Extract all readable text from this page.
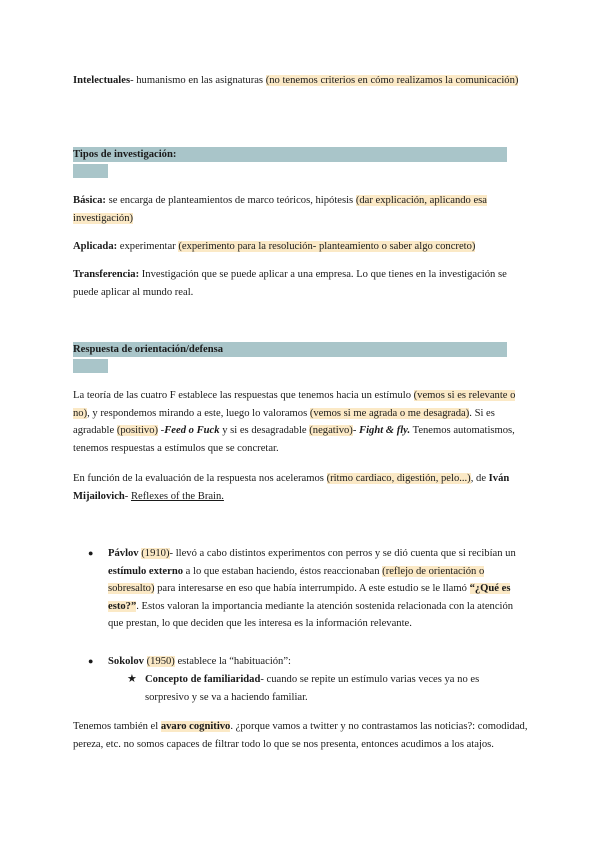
Intelectuales- humanismo en las asignaturas (no tenemos criterios en cómo realizamos la comunicación)
Tipos de investigación:
Básica: se encarga de planteamientos de marco teóricos, hipótesis (dar explicación, aplicando esa investigación)
Aplicada: experimentar (experimento para la resolución- planteamiento o saber algo concreto)
Transferencia: Investigación que se puede aplicar a una empresa. Lo que tienes en la investigación se puede aplicar al mundo real.
Respuesta de orientación/defensa
La teoría de las cuatro F establece las respuestas que tenemos hacia un estímulo (vemos si es relevante o no), y respondemos mirando a este, luego lo valoramos (vemos si me agrada o me desagrada). Si es agradable (positivo) -Feed o Fuck y si es desagradable (negativo)- Fight & fly. Tenemos automatismos, tenemos respuestas a estímulos que se concretar.
En función de la evaluación de la respuesta nos aceleramos (ritmo cardiaco, digestión, pelo...), de Iván Mijailovich- Reflexes of the Brain.
● Pávlov (1910)- llevó a cabo distintos experimentos con perros y se dió cuenta que si recibían un estímulo externo a lo que estaban haciendo, éstos reaccionaban (reflejo de orientación o sobresalto) para interesarse en eso que había interrumpido. A este estudio se le llamó “¿Qué es esto?”. Estos valoran la importancia mediante la atención sostenida relacionada con la atención que prestan, lo que deciden que les interesa es la información relevante.
● Sokolov (1950) establece la “habituación”:
★ Concepto de familiaridad- cuando se repite un estímulo varias veces ya no es sorpresivo y se va a haciendo familiar.
Tenemos también el avaro cognitivo. ¿porque vamos a twitter y no contrastamos las noticias?: comodidad, pereza, etc. no somos capaces de filtrar todo lo que se nos presenta, entonces acudimos a los atajos.
